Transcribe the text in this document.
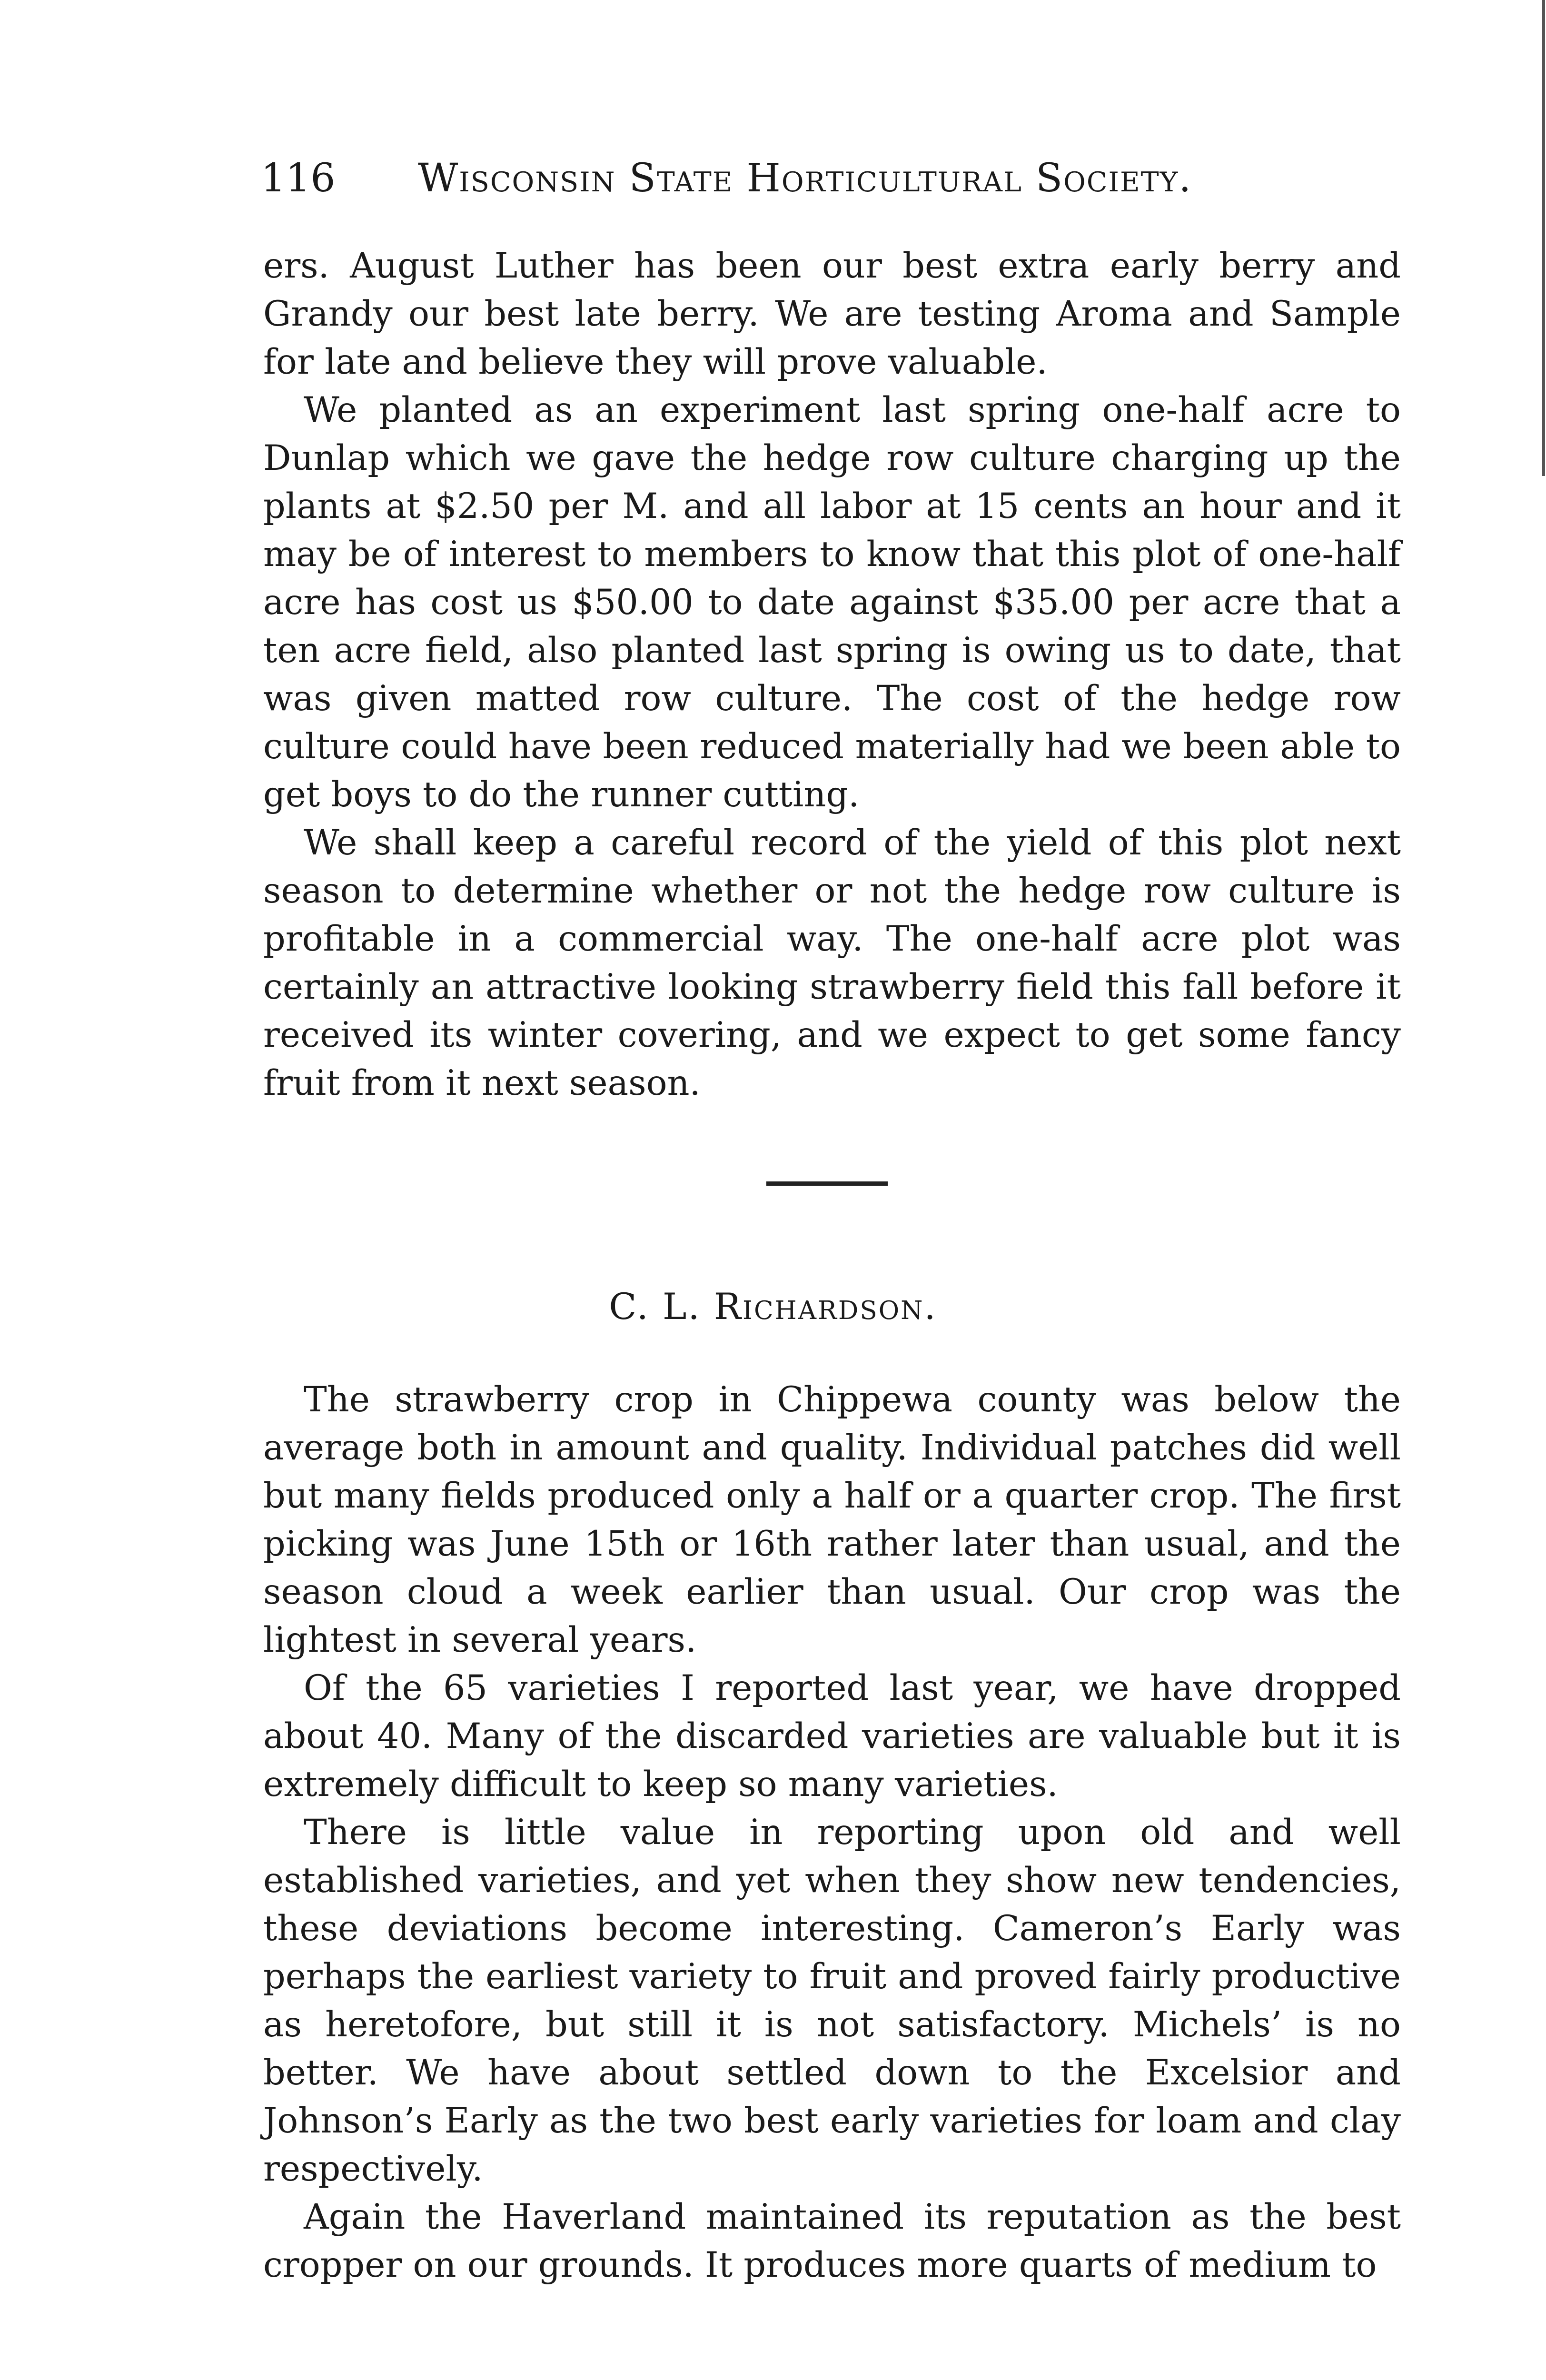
116 Wisconsin State Horticultural Society.

ers. August Luther has been our best extra early berry and Grandy our best late berry. We are testing Aroma and Sample for late and believe they will prove valuable.

We planted as an experiment last spring one-half acre to Dunlap which we gave the hedge row culture charging up the plants at $2.50 per M. and all labor at 15 cents an hour and it may be of interest to members to know that this plot of one-half acre has cost us $50.00 to date against $35.00 per acre that a ten acre field, also planted last spring is owing us to date, that was given matted row culture. The cost of the hedge row culture could have been reduced materially had we been able to get boys to do the runner cutting.

We shall keep a careful record of the yield of this plot next season to determine whether or not the hedge row culture is profitable in a commercial way. The one-half acre plot was certainly an attractive looking strawberry field this fall before it received its winter covering, and we expect to get some fancy fruit from it next season.

C. L. Richardson.

The strawberry crop in Chippewa county was below the average both in amount and quality. Individual patches did well but many fields produced only a half or a quarter crop. The first picking was June 15th or 16th rather later than usual, and the season cloud a week earlier than usual. Our crop was the lightest in several years.

Of the 65 varieties I reported last year, we have dropped about 40. Many of the discarded varieties are valuable but it is extremely difficult to keep so many varieties.

There is little value in reporting upon old and well established varieties, and yet when they show new tendencies, these deviations become interesting. Cameron’s Early was perhaps the earliest variety to fruit and proved fairly productive as heretofore, but still it is not satisfactory. Michels’ is no better. We have about settled down to the Excelsior and Johnson’s Early as the two best early varieties for loam and clay respectively.

Again the Haverland maintained its reputation as the best cropper on our grounds. It produces more quarts of medium to
